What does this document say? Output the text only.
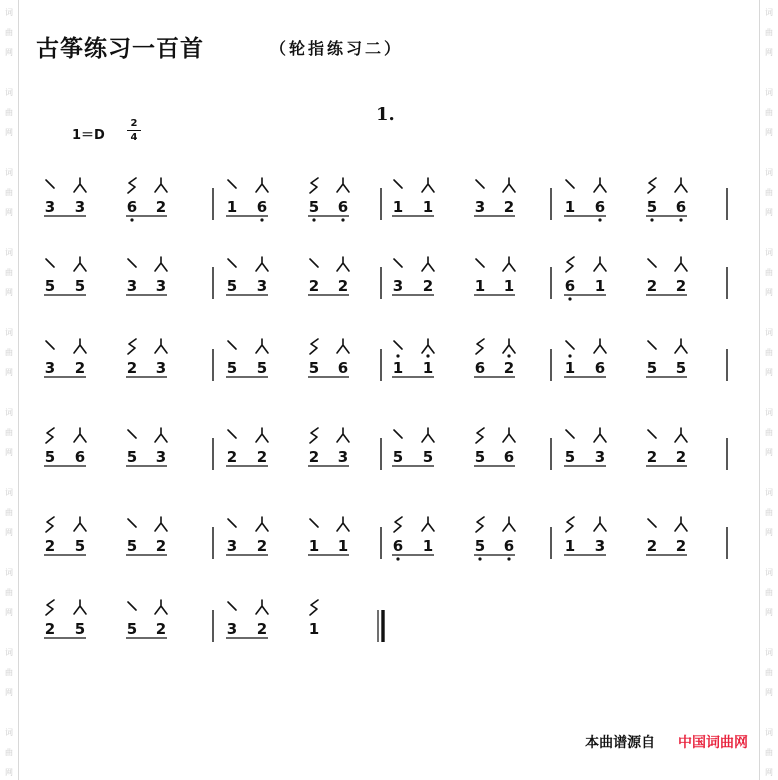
词
曲
网
词
曲
网
词
曲
网
词
曲
网
词
曲
网
词
曲
网
词
曲
网
词
曲
网
词
曲
网
词
曲
网
词
曲
网
词
曲
网
词
曲
网
词
曲
网
词
曲
网
词
曲
网
词
曲
网
词
曲
网
词
曲
网
词
曲
网
古筝练习一百首	（轮指练习二）
1.
1＝D
2
4
3 3	6 2	1 6	5 6	1 1	3 2	1 6	5 6
5 5	3 3	5 3	2 2	3 2	1 1	6 1	2 2
3 2	2 3	5 5	5 6	1 1	6 2	1 6	5 5
5 6	5 3	2 2	2 3	5 5	5 6	5 3	2 2
2 5	5 2	3 2	1 1	6 1	5 6	1 3	2 2
2 5	5 2	3 2	1
本曲谱源自 中国词曲网
